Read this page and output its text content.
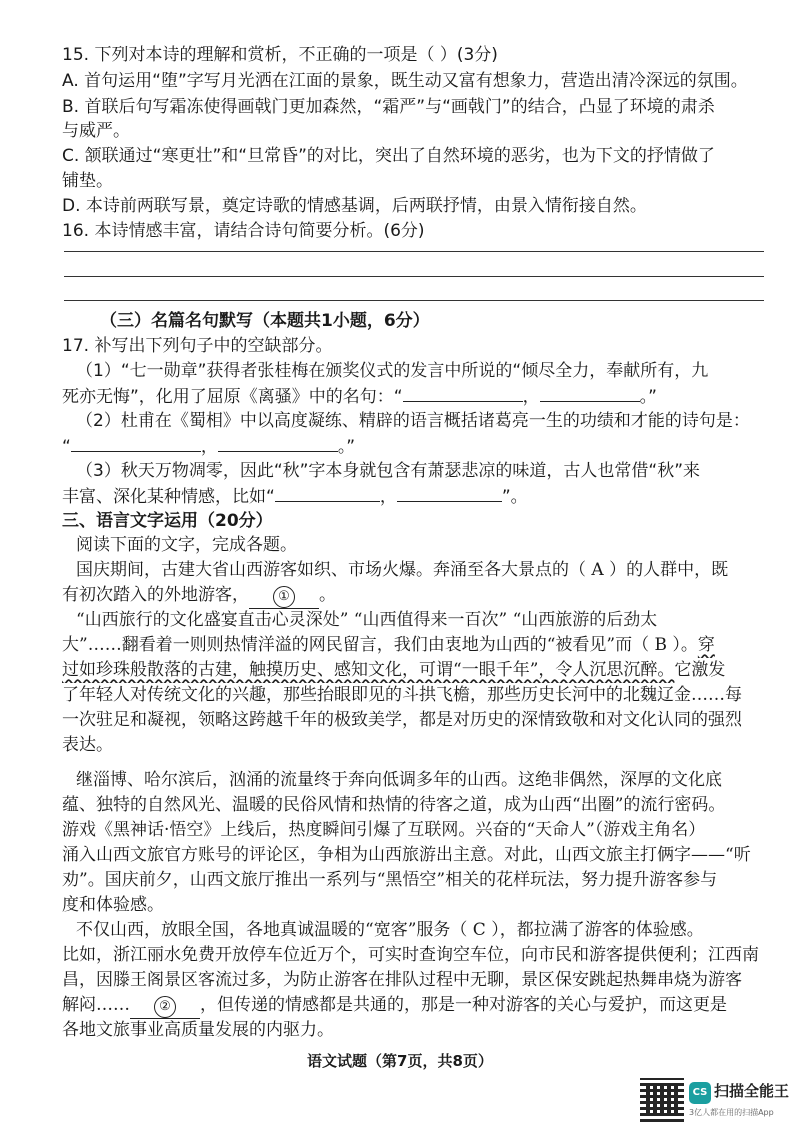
15. 下列对本诗的理解和赏析，不正确的一项是（ ）(3分)
A. 首句运用“堕”字写月光洒在江面的景象，既生动又富有想象力，营造出清冷深远的氛围。
B. 首联后句写霜冻使得画戟门更加森然，“霜严”与“画戟门”的结合，凸显了环境的肃杀
与威严。
C. 颔联通过“寒更壮”和“旦常昏”的对比，突出了自然环境的恶劣，也为下文的抒情做了
铺垫。
D. 本诗前两联写景，奠定诗歌的情感基调，后两联抒情，由景入情衔接自然。
16. 本诗情感丰富，请结合诗句简要分析。(6分)
（三）名篇名句默写（本题共1小题，6分）
17. 补写出下列句子中的空缺部分。
（1）“七一勋章”获得者张桂梅在颁奖仪式的发言中所说的“倾尽全力，奉献所有，九
死亦无悔”，化用了屈原《离骚》中的名句：“	，	。”
（2）杜甫在《蜀相》中以高度凝练、精辟的语言概括诸葛亮一生的功绩和才能的诗句是：
“	，	。”
（3）秋天万物凋零，因此“秋”字本身就包含有萧瑟悲凉的味道，古人也常借“秋”来
丰富、深化某种情感，比如“	，	”。
三、语言文字运用（20分）
阅读下面的文字，完成各题。
国庆期间，古建大省山西游客如织、市场火爆。奔涌至各大景点的（ A ）的人群中，既
有初次踏入的外地游客， ① 。
“山西旅行的文化盛宴直击心灵深处” “山西值得来一百次” “山西旅游的后劲太
大”……翻看着一则则热情洋溢的网民留言，我们由衷地为山西的“被看见”而（ B ）。穿
过如珍珠般散落的古建，触摸历史、感知文化，可谓“一眼千年”，令人沉思沉醉。它激发
了年轻人对传统文化的兴趣，那些抬眼即见的斗拱飞檐，那些历史长河中的北魏辽金……每
一次驻足和凝视，领略这跨越千年的极致美学，都是对历史的深情致敬和对文化认同的强烈
表达。
继淄博、哈尔滨后，汹涌的流量终于奔向低调多年的山西。这绝非偶然，深厚的文化底
蕴、独特的自然风光、温暖的民俗风情和热情的待客之道，成为山西“出圈”的流行密码。
游戏《黑神话·悟空》上线后，热度瞬间引爆了互联网。兴奋的“天命人”（游戏主角名）
涌入山西文旅官方账号的评论区，争相为山西旅游出主意。对此，山西文旅主打俩字——“听
劝”。国庆前夕，山西文旅厅推出一系列与“黑悟空”相关的花样玩法，努力提升游客参与
度和体验感。
不仅山西，放眼全国，各地真诚温暖的“宽客”服务（ C ），都拉满了游客的体验感。
比如，浙江丽水免费开放停车位近万个，可实时查询空车位，向市民和游客提供便利；江西南
昌，因滕王阁景区客流过多，为防止游客在排队过程中无聊，景区保安跳起热舞串烧为游客
解闷…… ② ，但传递的情感都是共通的，那是一种对游客的关心与爱护，而这更是
各地文旅事业高质量发展的内驱力。
语文试题（第7页，共8页）
CS 扫描全能王
3亿人都在用的扫描App
